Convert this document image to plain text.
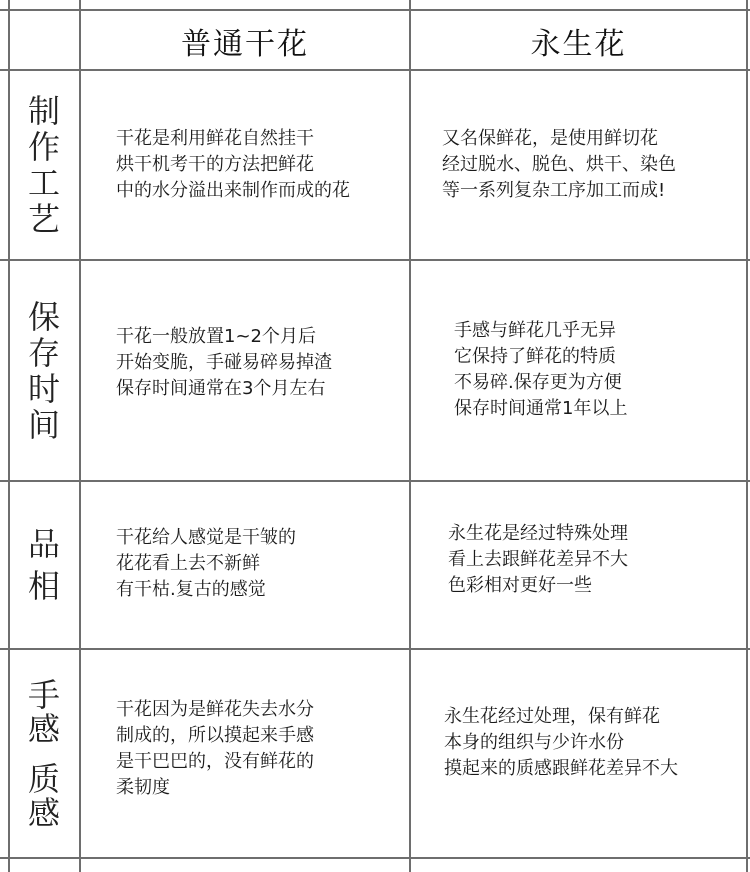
普通干花	永生花
制
作
工
艺
干花是利用鲜花自然挂干
烘干机考干的方法把鲜花
中的水分溢出来制作而成的花
又名保鲜花，是使用鲜切花
经过脱水、脱色、烘干、染色
等一系列复杂工序加工而成!
保
存
时
间
干花一般放置1~2个月后
开始变脆，手碰易碎易掉渣
保存时间通常在3个月左右
手感与鲜花几乎无异
它保持了鲜花的特质
不易碎.保存更为方便
保存时间通常1年以上
品
相
干花给人感觉是干皱的
花花看上去不新鲜
有干枯.复古的感觉
永生花是经过特殊处理
看上去跟鲜花差异不大
色彩相对更好一些
手
感
质
感
干花因为是鲜花失去水分
制成的，所以摸起来手感
是干巴巴的，没有鲜花的
柔韧度
永生花经过处理，保有鲜花
本身的组织与少许水份
摸起来的质感跟鲜花差异不大
